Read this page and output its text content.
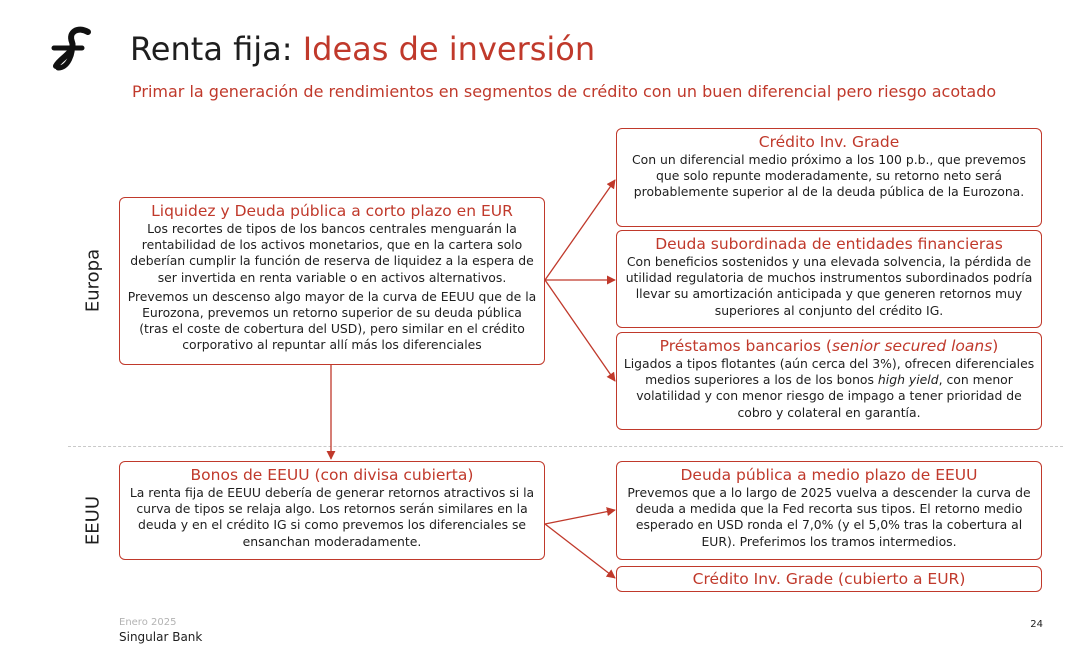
Renta fija: Ideas de inversión
Primar la generación de rendimientos en segmentos de crédito con un buen diferencial pero riesgo acotado
Europa
EEUU
Liquidez y Deuda pública a corto plazo en EUR

Los recortes de tipos de los bancos centrales menguarán la rentabilidad de los activos monetarios, que en la cartera solo deberían cumplir la función de reserva de liquidez a la espera de ser invertida en renta variable o en activos alternativos.

Prevemos un descenso algo mayor de la curva de EEUU que de la Eurozona, prevemos un retorno superior de su deuda pública (tras el coste de cobertura del USD), pero similar en el crédito corporativo al repuntar allí más los diferenciales

Crédito Inv. Grade

Con un diferencial medio próximo a los 100 p.b., que prevemos que solo repunte moderadamente, su retorno neto será probablemente superior al de la deuda pública de la Eurozona.

Deuda subordinada de entidades financieras

Con beneficios sostenidos y una elevada solvencia, la pérdida de utilidad regulatoria de muchos instrumentos subordinados podría llevar su amortización anticipada y que generen retornos muy superiores al conjunto del crédito IG.

Préstamos bancarios (senior secured loans)

Ligados a tipos flotantes (aún cerca del 3%), ofrecen diferenciales medios superiores a los de los bonos high yield, con menor volatilidad y con menor riesgo de impago a tener prioridad de cobro y colateral en garantía.

Bonos de EEUU (con divisa cubierta)

La renta fija de EEUU debería de generar retornos atractivos si la curva de tipos se relaja algo. Los retornos serán similares en la deuda y en el crédito IG si como prevemos los diferenciales se ensanchan moderadamente.

Deuda pública a medio plazo de EEUU

Prevemos que a lo largo de 2025 vuelva a descender la curva de deuda a medida que la Fed recorta sus tipos. El retorno medio esperado en USD ronda el 7,0% (y el 5,0% tras la cobertura al EUR). Preferimos los tramos intermedios.

Crédito Inv. Grade (cubierto a EUR)
Enero 2025
Singular Bank
24
